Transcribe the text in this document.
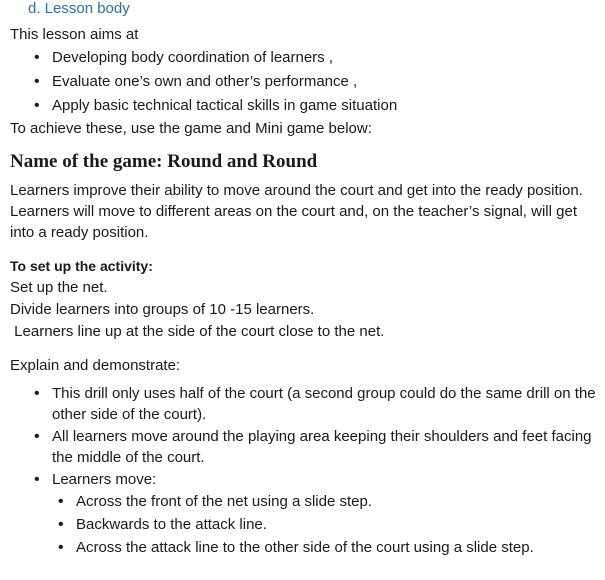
d. Lesson body

This lesson aims at

• Developing body coordination of learners ,
• Evaluate one’s own and other’s performance ,
• Apply basic technical tactical skills in game situation

To achieve these, use the game and Mini game below:

Name of the game: Round and Round

Learners improve their ability to move around the court and get into the ready position. Learners will move to different areas on the court and, on the teacher’s signal, will get into a ready position.

To set up the activity:

Set up the net.

Divide learners into groups of 10 -15 learners.

Learners line up at the side of the court close to the net.

Explain and demonstrate:

• This drill only uses half of the court (a second group could do the same drill on the other side of the court).
• All learners move around the playing area keeping their shoulders and feet facing the middle of the court.
• Learners move:
• Across the front of the net using a slide step.
• Backwards to the attack line.
• Across the attack line to the other side of the court using a slide step.
